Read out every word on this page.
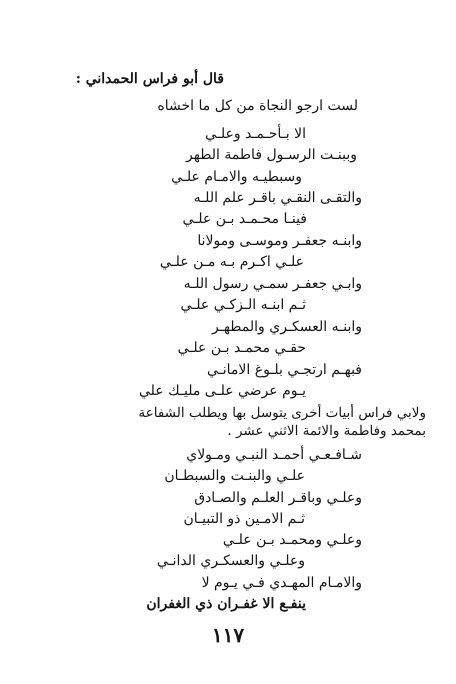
قال أبو فراس الحمداني :
لست ارجو النجاة من كل ما اخشاه
الا بـأحـمـد وعلـي
وببنـت الرسـول فاطمة الطهر
وسبطيـه والامـام علـي
والتقـى النقـي باقـر علم اللـه
فينـا محـمـد بـن علـي
وابنـه جعفـر وموسـى ومولانا
علـي اكـرم بـه مـن علـي
وابـي جعفـر سمـي رسول اللـه
ثـم ابنـه الـزكـي علـي
وابنـه العسكـري والمطهـر
حقـي محمـد بـن علـي
فبهـم ارتجـي بلـوغ الامانـي
يـوم عرضي علـى مليـك علي
ولابي فراس أبيات أخرى يتوسل بها ويطلب الشفاعة
بمحمد وفاطمة والائمة الاثني عشر .
شـافـعـي أحمـد النبـي ومـولاي
علـي والبنـت والسبطـان
وعلـي وباقـر العلـم والصـادق
ثـم الامـين ذو التبيـان
وعلـي ومحمـد بـن علـي
وعلـي والعسكـري الدانـي
والامـام المهـدي فـي يـوم لا
ينفـع الا غفـران ذي الغفران
١١٧
